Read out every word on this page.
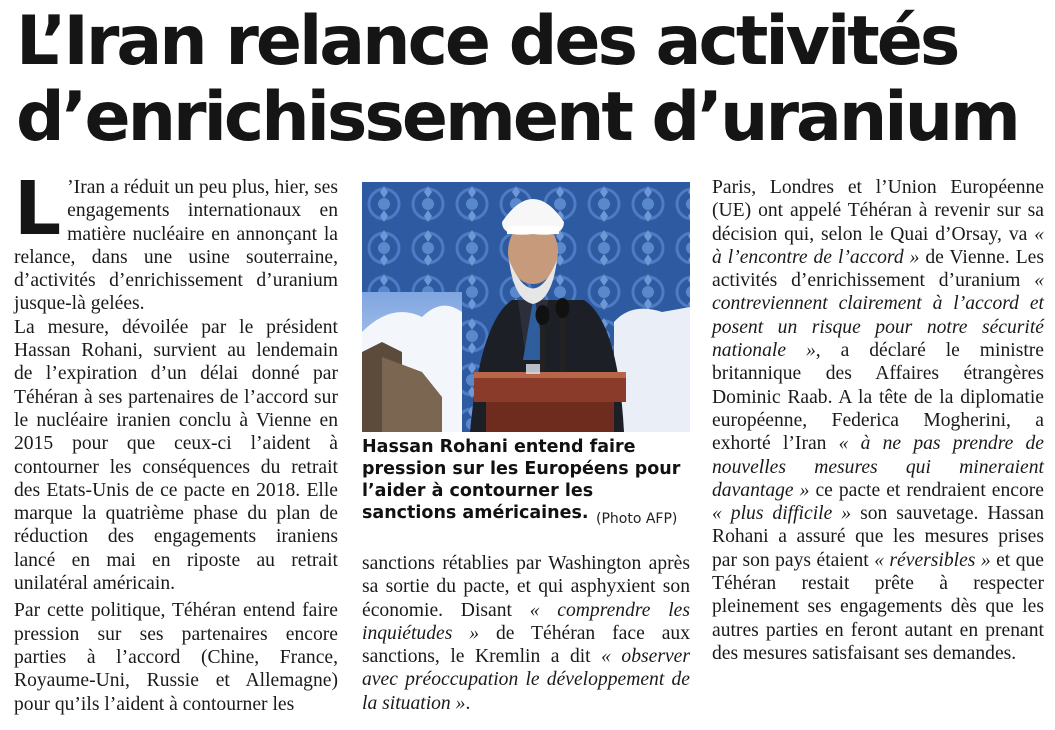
L’Iran relance des activités
d’enrichissement d’uranium

L ’Iran a réduit un peu plus, hier, ses engagements internationaux en matière nucléaire en annonçant la relance, dans une usine souterraine, d’activités d’enrichissement d’uranium jusque-là gelées.

La mesure, dévoilée par le président Hassan Rohani, survient au lendemain de l’expiration d’un délai donné par Téhéran à ses partenaires de l’accord sur le nucléaire iranien conclu à Vienne en 2015 pour que ceux-ci l’aident à contourner les conséquences du retrait des Etats-Unis de ce pacte en 2018. Elle marque la quatrième phase du plan de réduction des engagements iraniens lancé en mai en riposte au retrait unilatéral américain.

Par cette politique, Téhéran entend faire pression sur ses partenaires encore parties à l’accord (Chine, France, Royaume-Uni, Russie et Allemagne) pour qu’ils l’aident à contourner les

Hassan Rohani entend faire pression sur les Européens pour l’aider à contourner les sanctions américaines. (Photo AFP)

sanctions rétablies par Washington après sa sortie du pacte, et qui asphyxient son économie. Disant « comprendre les inquiétudes » de Téhéran face aux sanctions, le Kremlin a dit « observer avec préoccupation le développement de la situation ».

Paris, Londres et l’Union Européenne (UE) ont appelé Téhéran à revenir sur sa décision qui, selon le Quai d’Orsay, va « à l’encontre de l’accord » de Vienne. Les activités d’enrichissement d’uranium « contreviennent clairement à l’accord et posent un risque pour notre sécurité nationale », a déclaré le ministre britannique des Affaires étrangères Dominic Raab. A la tête de la diplomatie européenne, Federica Mogherini, a exhorté l’Iran « à ne pas prendre de nouvelles mesures qui mineraient davantage » ce pacte et rendraient encore « plus difficile » son sauvetage. Hassan Rohani a assuré que les mesures prises par son pays étaient « réversibles » et que Téhéran restait prête à respecter pleinement ses engagements dès que les autres parties en feront autant en prenant des mesures satisfaisant ses demandes.
